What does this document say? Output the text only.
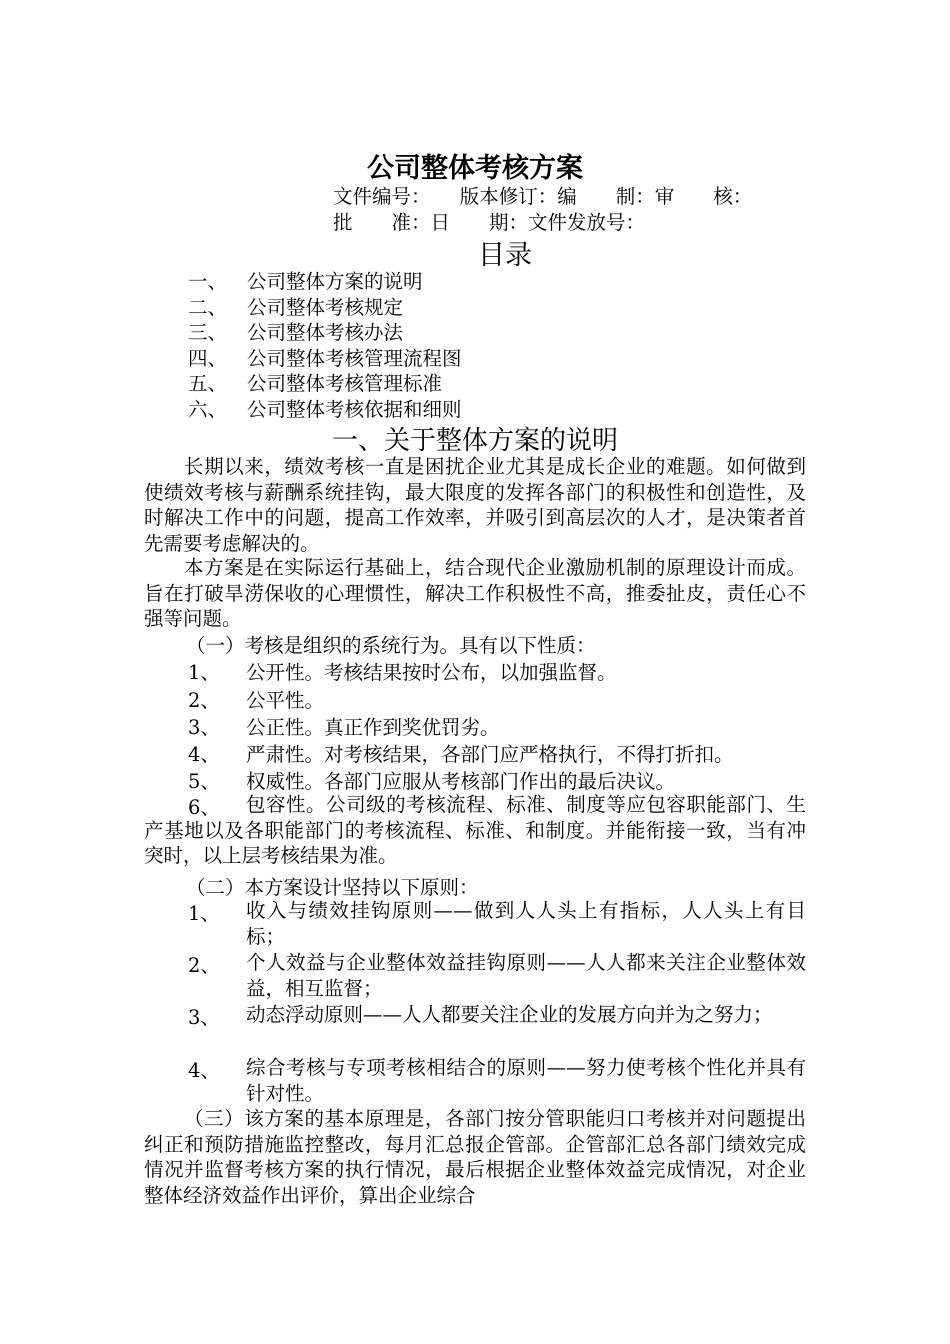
公司整体考核方案
文件编号：　　版本修订：编　　制：审　　核：
批　　准：日　　期：文件发放号：
目录
一、 公司整体方案的说明
二、 公司整体考核规定
三、 公司整体考核办法
四、 公司整体考核管理流程图
五、 公司整体考核管理标准
六、 公司整体考核依据和细则
一、关于整体方案的说明
长期以来，绩效考核一直是困扰企业尤其是成长企业的难题。如何做到使绩效考核与薪酬系统挂钩，最大限度的发挥各部门的积极性和创造性，及时解决工作中的问题，提高工作效率，并吸引到高层次的人才，是决策者首先需要考虑解决的。
本方案是在实际运行基础上，结合现代企业激励机制的原理设计而成。旨在打破旱涝保收的心理惯性，解决工作积极性不高，推委扯皮，责任心不强等问题。
（一）考核是组织的系统行为。具有以下性质：
1、 公开性。考核结果按时公布，以加强监督。
2、 公平性。
3、 公正性。真正作到奖优罚劣。
4、 严肃性。对考核结果，各部门应严格执行，不得打折扣。
5、 权威性。各部门应服从考核部门作出的最后决议。
6、	包容性。公司级的考核流程、标准、制度等应包容职能部门、生产基地以及各职能部门的考核流程、标准、和制度。并能衔接一致，当有冲突时，以上层考核结果为准。
（二）本方案设计坚持以下原则：
1、 收入与绩效挂钩原则——做到人人头上有指标，人人头上有目标；
2、 个人效益与企业整体效益挂钩原则——人人都来关注企业整体效益，相互监督；
3、 动态浮动原则——人人都要关注企业的发展方向并为之努力；
4、 综合考核与专项考核相结合的原则——努力使考核个性化并具有针对性。
（三）该方案的基本原理是，各部门按分管职能归口考核并对问题提出纠正和预防措施监控整改，每月汇总报企管部。企管部汇总各部门绩效完成情况并监督考核方案的执行情况，最后根据企业整体效益完成情况，对企业整体经济效益作出评价，算出企业综合
